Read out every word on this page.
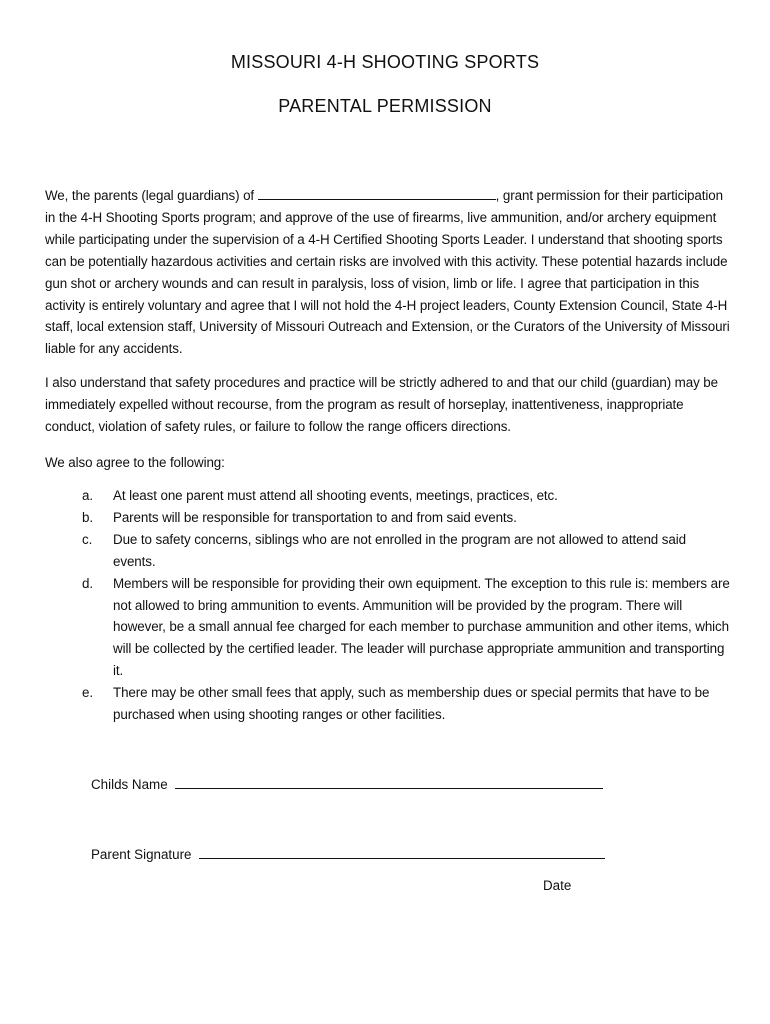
MISSOURI 4-H SHOOTING SPORTS
PARENTAL PERMISSION
We, the parents (legal guardians) of	, grant permission for their participation in the 4-H Shooting Sports program; and approve of the use of firearms, live ammunition, and/or archery equipment while participating under the supervision of a 4-H Certified Shooting Sports Leader. I understand that shooting sports can be potentially hazardous activities and certain risks are involved with this activity. These potential hazards include gun shot or archery wounds and can result in paralysis, loss of vision, limb or life. I agree that participation in this activity is entirely voluntary and agree that I will not hold the 4-H project leaders, County Extension Council, State 4-H staff, local extension staff, University of Missouri Outreach and Extension, or the Curators of the University of Missouri liable for any accidents.
I also understand that safety procedures and practice will be strictly adhered to and that our child (guardian) may be immediately expelled without recourse, from the program as result of horseplay, inattentiveness, inappropriate conduct, violation of safety rules, or failure to follow the range officers directions.
We also agree to the following:
a. At least one parent must attend all shooting events, meetings, practices, etc.
b. Parents will be responsible for transportation to and from said events.
c. Due to safety concerns, siblings who are not enrolled in the program are not allowed to attend said events.
d. Members will be responsible for providing their own equipment. The exception to this rule is: members are not allowed to bring ammunition to events. Ammunition will be provided by the program. There will however, be a small annual fee charged for each member to purchase ammunition and other items, which will be collected by the certified leader. The leader will purchase appropriate ammunition and transporting it.
e. There may be other small fees that apply, such as membership dues or special permits that have to be purchased when using shooting ranges or other facilities.
Childs Name
Parent Signature
Date
